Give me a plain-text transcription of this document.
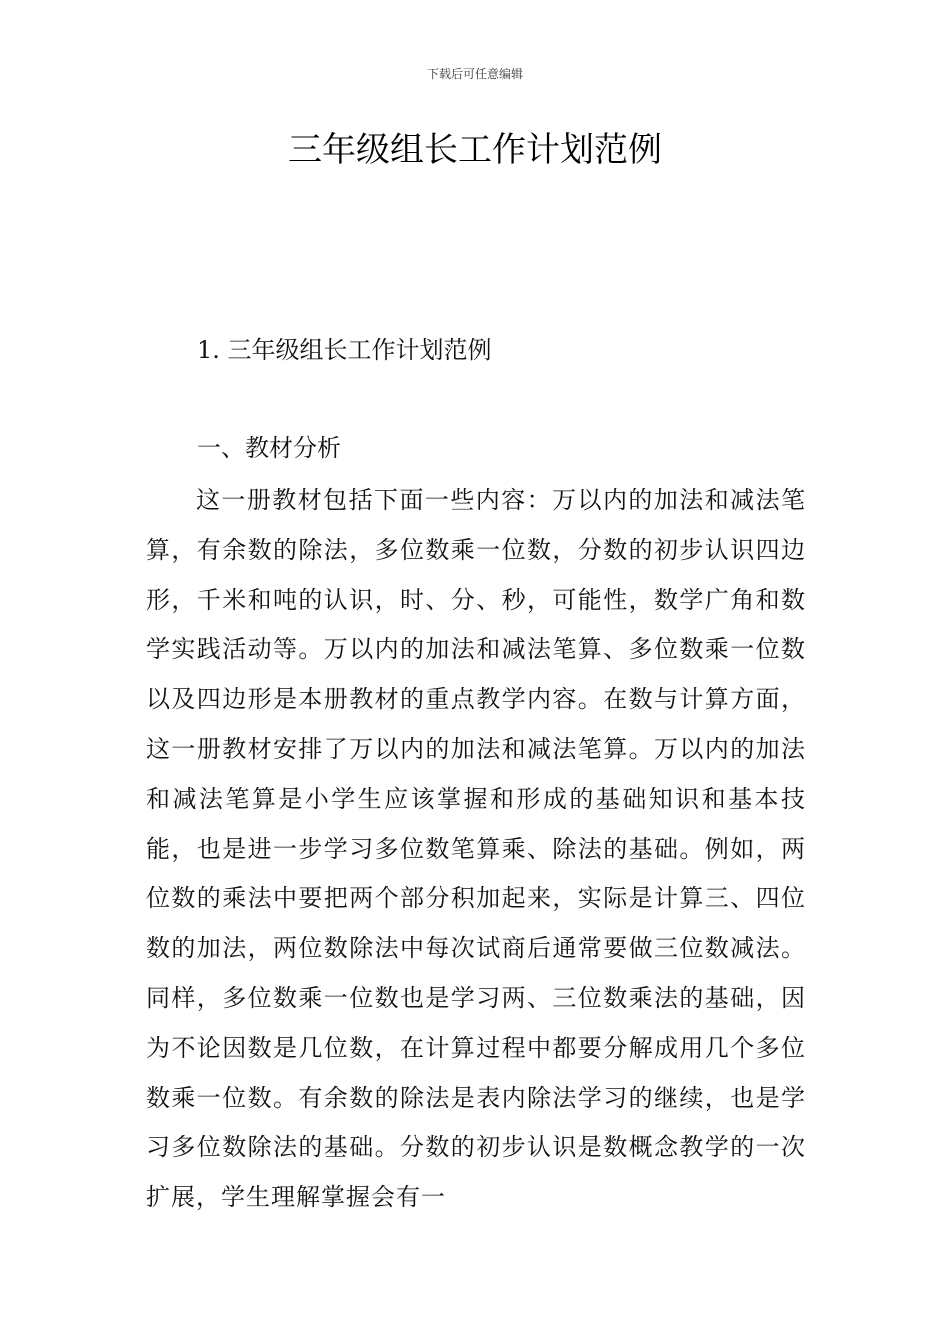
下载后可任意编辑
三年级组长工作计划范例
1. 三年级组长工作计划范例
一、教材分析

这一册教材包括下面一些内容：万以内的加法和减法笔算，有余数的除法，多位数乘一位数，分数的初步认识四边形，千米和吨的认识，时、分、秒，可能性，数学广角和数学实践活动等。万以内的加法和减法笔算、多位数乘一位数以及四边形是本册教材的重点教学内容。在数与计算方面，这一册教材安排了万以内的加法和减法笔算。万以内的加法和减法笔算是小学生应该掌握和形成的基础知识和基本技能，也是进一步学习多位数笔算乘、除法的基础。例如，两位数的乘法中要把两个部分积加起来，实际是计算三、四位数的加法，两位数除法中每次试商后通常要做三位数减法。同样，多位数乘一位数也是学习两、三位数乘法的基础，因为不论因数是几位数，在计算过程中都要分解成用几个多位数乘一位数。有余数的除法是表内除法学习的继续，也是学习多位数除法的基础。分数的初步认识是数概念教学的一次扩展，学生理解掌握会有一
